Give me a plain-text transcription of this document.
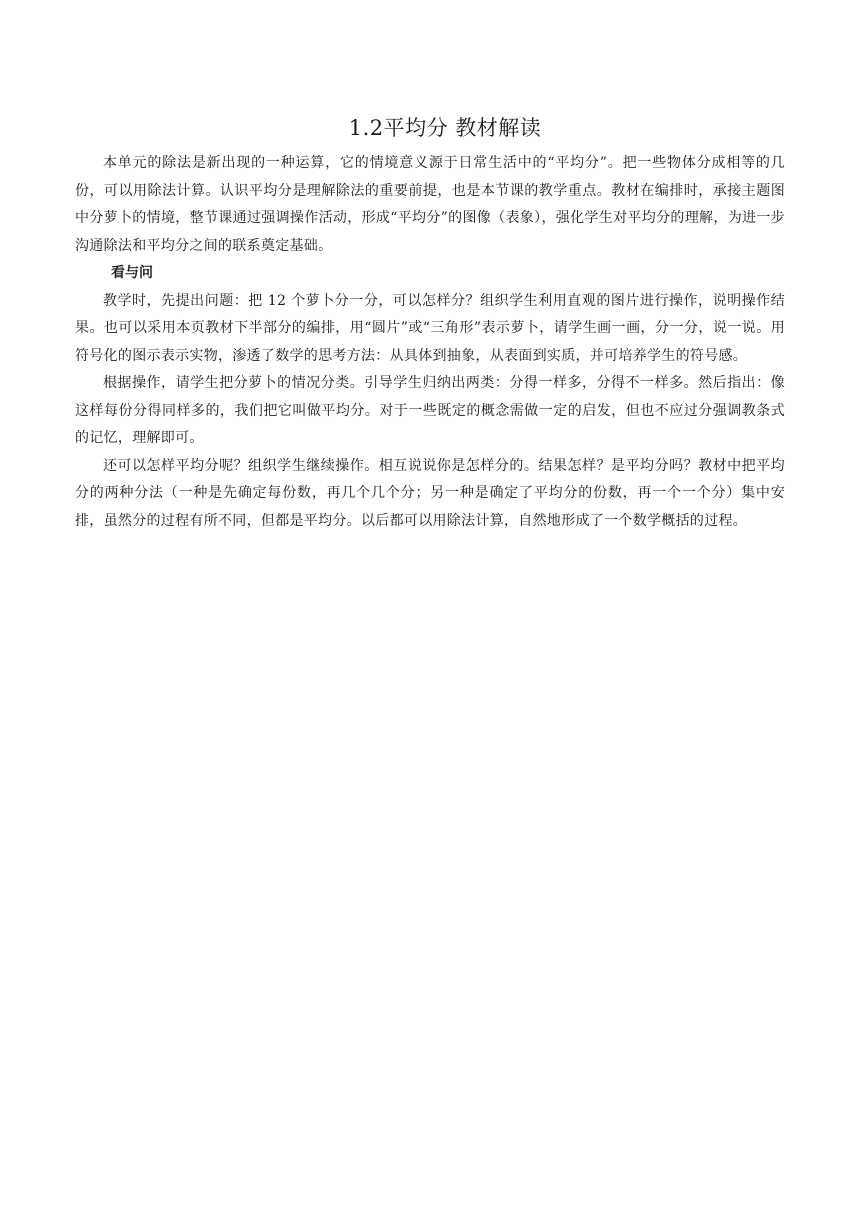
1.2平均分 教材解读

本单元的除法是新出现的一种运算，它的情境意义源于日常生活中的“平均分”。把一些物体分成相等的几份，可以用除法计算。认识平均分是理解除法的重要前提，也是本节课的教学重点。教材在编排时，承接主题图中分萝卜的情境，整节课通过强调操作活动，形成“平均分”的图像（表象），强化学生对平均分的理解，为进一步沟通除法和平均分之间的联系奠定基础。

看与问

教学时，先提出问题：把 12 个萝卜分一分，可以怎样分？组织学生利用直观的图片进行操作，说明操作结果。也可以采用本页教材下半部分的编排，用“圆片”或“三角形”表示萝卜，请学生画一画，分一分，说一说。用符号化的图示表示实物，渗透了数学的思考方法：从具体到抽象，从表面到实质，并可培养学生的符号感。

根据操作，请学生把分萝卜的情况分类。引导学生归纳出两类：分得一样多，分得不一样多。然后指出：像这样每份分得同样多的，我们把它叫做平均分。对于一些既定的概念需做一定的启发，但也不应过分强调教条式的记忆，理解即可。

还可以怎样平均分呢？组织学生继续操作。相互说说你是怎样分的。结果怎样？是平均分吗？教材中把平均分的两种分法（一种是先确定每份数，再几个几个分；另一种是确定了平均分的份数，再一个一个分）集中安排，虽然分的过程有所不同，但都是平均分。以后都可以用除法计算，自然地形成了一个数学概括的过程。
